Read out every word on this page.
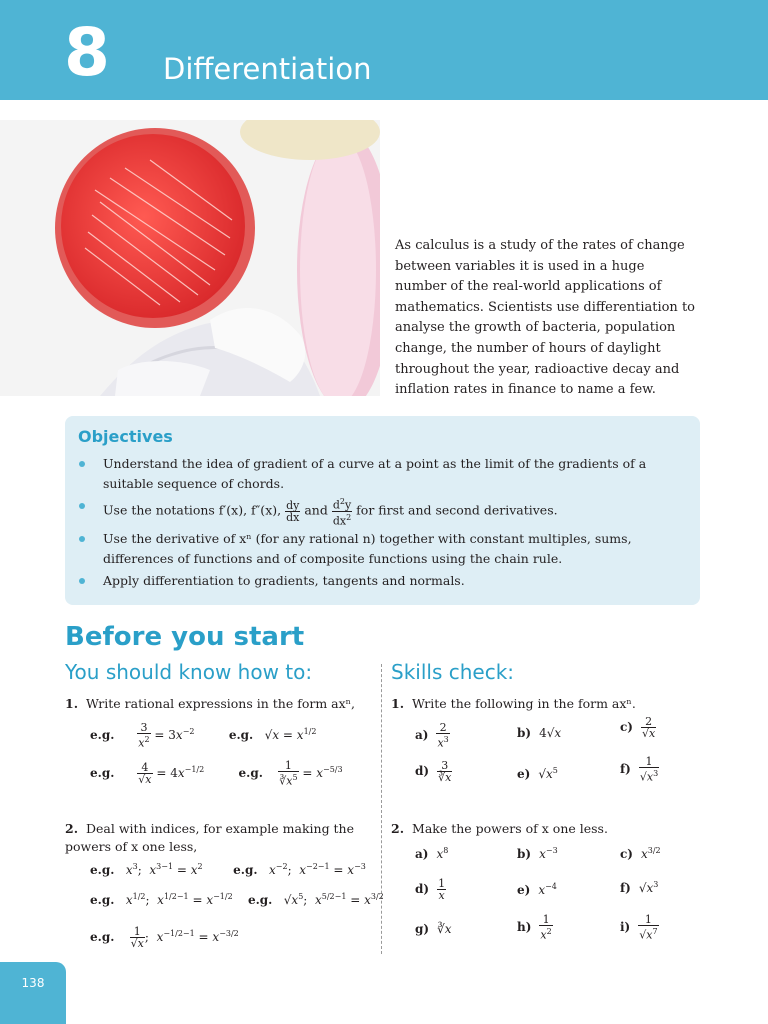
8 Differentiation

As calculus is a study of the rates of change between variables it is used in a huge number of the real-world applications of mathematics. Scientists use differentiation to analyse the growth of bacteria, population change, the number of hours of daylight throughout the year, radioactive decay and inflation rates in finance to name a few.

Objectives
Understand the idea of gradient of a curve at a point as the limit of the gradients of a suitable sequence of chords.
Use the notations f′(x), f″(x), $\frac{dy}{dx}$ and $\frac{d^2y}{dx^2}$ for first and second derivatives.
Use the derivative of xⁿ (for any rational n) together with constant multiples, sums, differences of functions and of composite functions using the chain rule.
Apply differentiation to gradients, tangents and normals.
Before you start
You should know how to:	Skills check:
1. Write rational expressions in the form axⁿ,
e.g. $\frac{3}{x^2} = 3x^{-2}$	e.g.   $√x = x^{1/2}$
e.g. $\frac{4}{√x} = 4x^{-1/2}$	e.g. $\frac{1}{∛x^5} = x^{-5/3}$
2. Deal with indices, for example making the powers of x one less,
e.g. $x^3$;  $x^{3-1} = x^2$	e.g. $x^{-2}$;  $x^{-2-1} = x^{-3}$
e.g. $x^{1/2}$;  $x^{1/2-1} = x^{-1/2}$ e.g.   $√x^5$;  $x^{5/2-1} = x^{3/2}$
e.g. $\frac{1}{√x}$ ;  $x^{-1/2-1} = x^{-3/2}$
1. Write the following in the form axⁿ.
$a) \frac{2}{x^3}$	b) 4√x	$c) \frac{2}{√x}$
$d) \frac{3}{∛x}$	e) $√x^5$	$f) \frac{1}{√x^3}$
2. Make the powers of x one less.
a) $x^8$	b) $x^{-3}$	c) $x^{3/2}$
$d) \frac{1}{x}$	e) $x^{-4}$	f) $√x^3$
g) ∛x	$h) \frac{1}{x^2}$	$i) \frac{1}{√x^7}$
138
